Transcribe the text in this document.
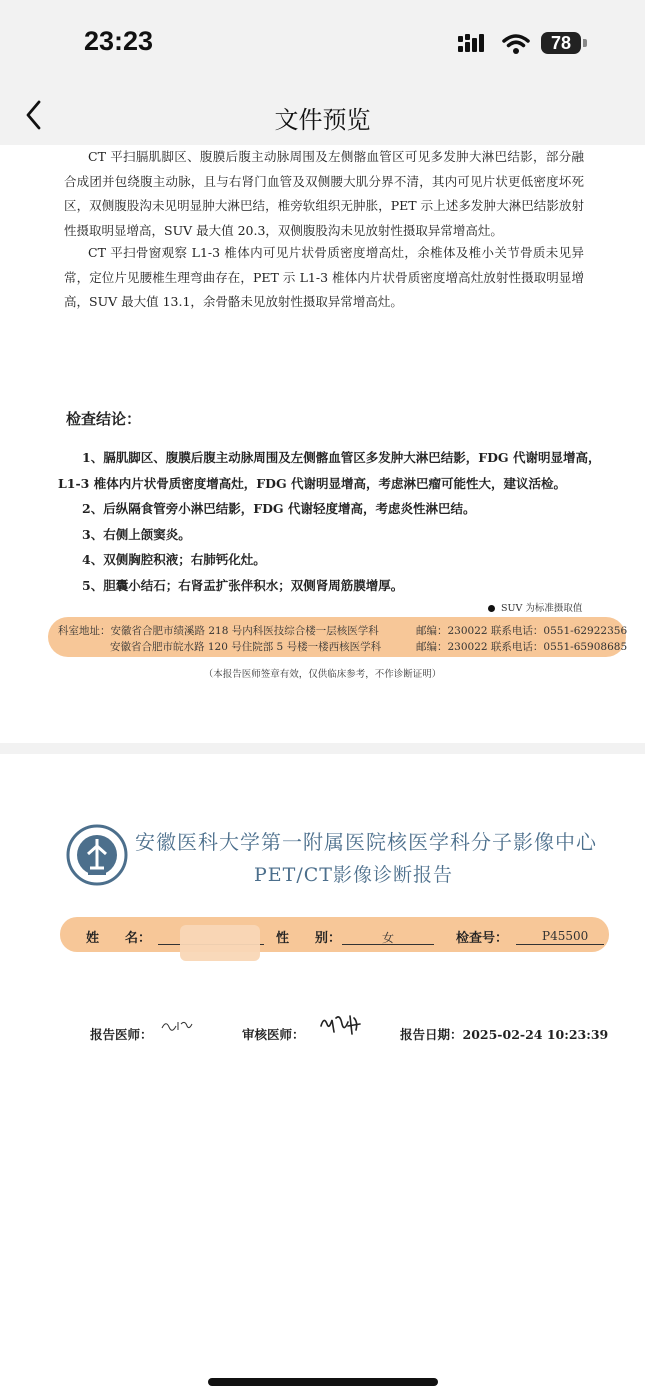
23:23	78
文件预览
CT 平扫膈肌脚区、腹膜后腹主动脉周围及左侧髂血管区可见多发肿大淋巴结影，部分融合成团并包绕腹主动脉，且与右肾门血管及双侧腰大肌分界不清，其内可见片状更低密度坏死区，双侧腹股沟未见明显肿大淋巴结，椎旁软组织无肿胀，PET 示上述多发肿大淋巴结影放射性摄取明显增高，SUV 最大值 20.3，双侧腹股沟未见放射性摄取异常增高灶。
CT 平扫骨窗观察 L1-3 椎体内可见片状骨质密度增高灶，余椎体及椎小关节骨质未见异常，定位片见腰椎生理弯曲存在，PET 示 L1-3 椎体内片状骨质密度增高灶放射性摄取明显增高，SUV 最大值 13.1，余骨骼未见放射性摄取异常增高灶。
检查结论：
1、膈肌脚区、腹膜后腹主动脉周围及左侧髂血管区多发肿大淋巴结影，FDG 代谢明显增高，
L1-3 椎体内片状骨质密度增高灶，FDG 代谢明显增高，考虑淋巴瘤可能性大，建议活检。
2、后纵隔食管旁小淋巴结影，FDG 代谢轻度增高，考虑炎性淋巴结。
3、右侧上颌窦炎。
4、双侧胸腔积液；右肺钙化灶。
5、胆囊小结石；右肾盂扩张伴积水；双侧肾周筋膜增厚。
SUV 为标准摄取值
科室地址：安徽省合肥市绩溪路 218 号内科医技综合楼一层核医学科	邮编：230022 联系电话：0551-62922356
安徽省合肥市皖水路 120 号住院部 5 号楼一楼西核医学科	邮编：230022 联系电话：0551-65908685
（本报告医师签章有效，仅供临床参考，不作诊断证明）
安徽医科大学第一附属医院核医学科分子影像中心
PET/CT影像诊断报告
姓　　名：	性　　别：	女	检查号：	P45500
报告医师：	审核医师：	报告日期：2025-02-24 10:23:39
